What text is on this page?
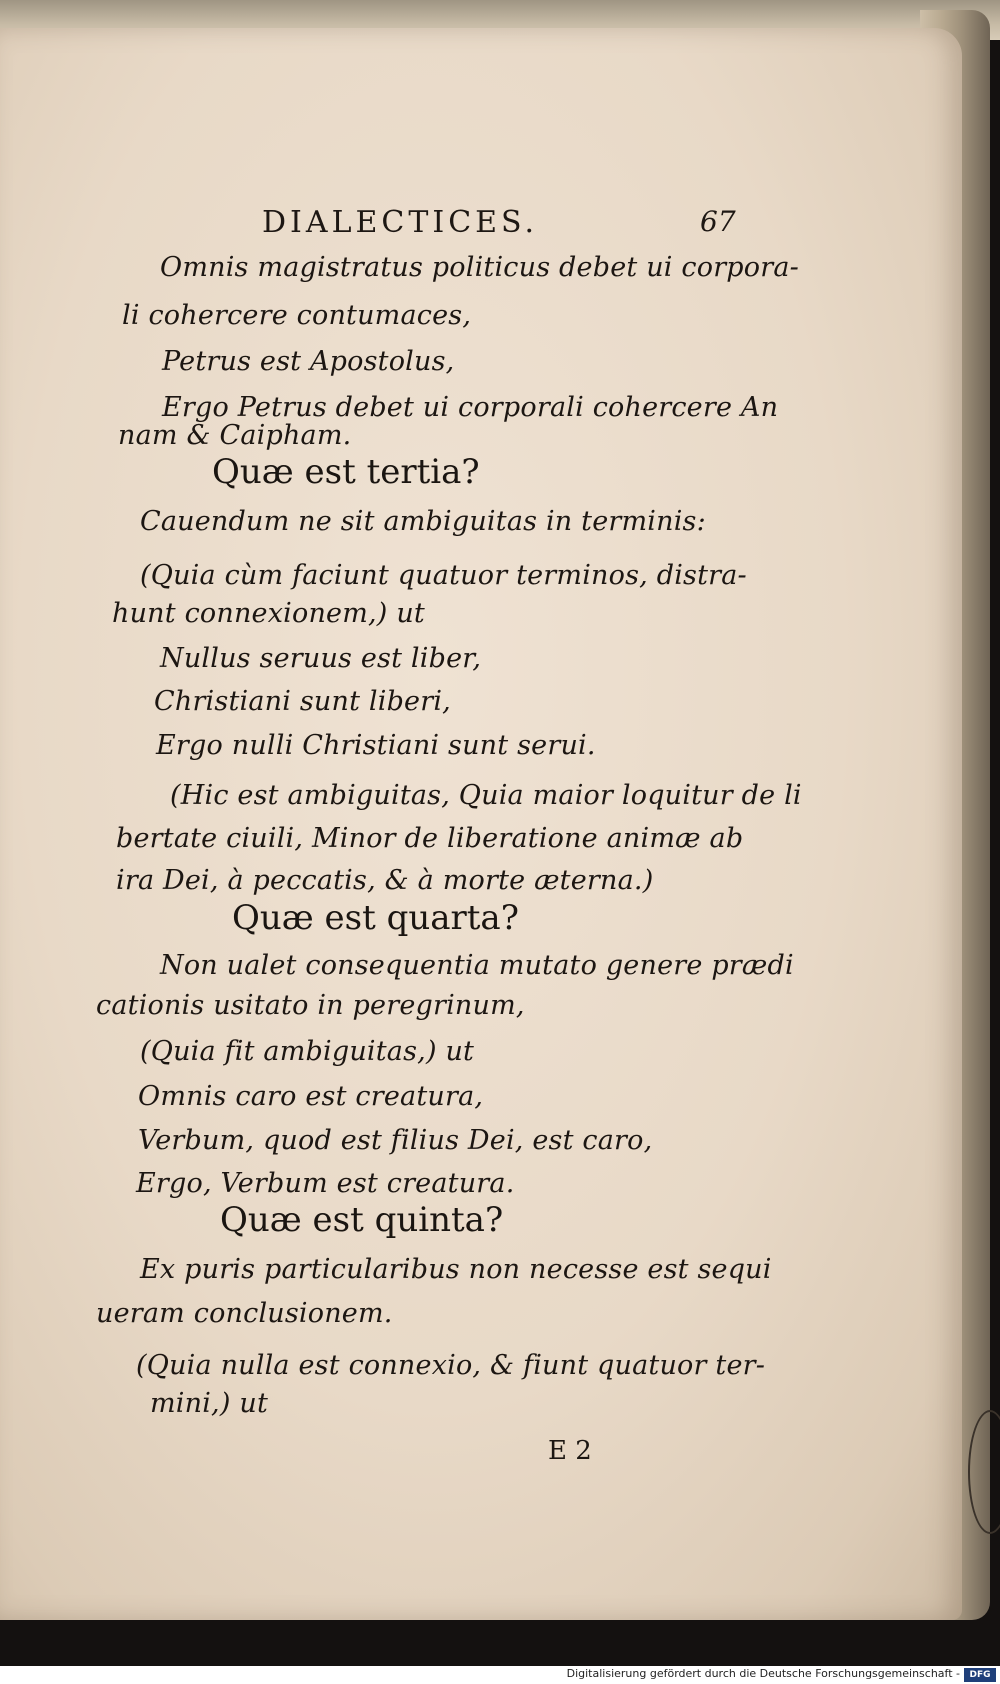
DIALECTICES.	67
Omnis magistratus politicus debet ui corpora-
li cohercere contumaces,
Petrus est Apostolus,
Ergo Petrus debet ui corporali cohercere An
nam & Caipham.
Quæ est tertia?
Cauendum ne sit ambiguitas in terminis:
(Quia cùm faciunt quatuor terminos, distra-
hunt connexionem,) ut
Nullus seruus est liber,
Christiani sunt liberi,
Ergo nulli Christiani sunt serui.
(Hic est ambiguitas, Quia maior loquitur de li
bertate ciuili, Minor de liberatione animæ ab
ira Dei, à peccatis, & à morte æterna.)
Quæ est quarta?
Non ualet consequentia mutato genere prædi
cationis usitato in peregrinum,
(Quia fit ambiguitas,) ut
Omnis caro est creatura,
Verbum, quod est filius Dei, est caro,
Ergo, Verbum est creatura.
Quæ est quinta?
Ex puris particularibus non necesse est sequi
ueram conclusionem.
(Quia nulla est connexio, & fiunt quatuor ter-
mini,) ut
E 2
Digitalisierung gefördert durch die Deutsche Forschungsgemeinschaft -	DFG
